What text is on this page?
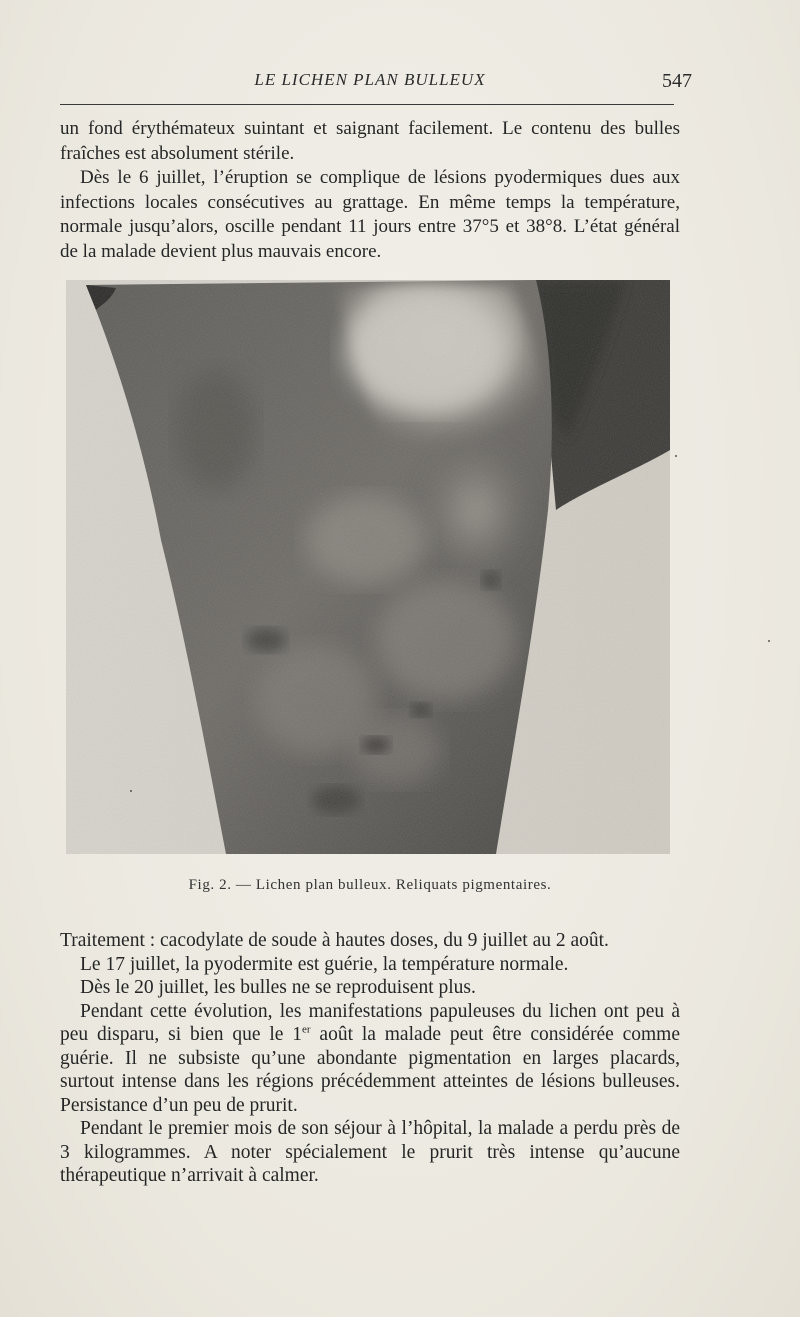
LE LICHEN PLAN BULLEUX	547

un fond érythémateux suintant et saignant facilement. Le contenu des bulles fraîches est absolument stérile.

Dès le 6 juillet, l’éruption se complique de lésions pyodermiques dues aux infections locales consécutives au grattage. En même temps la température, normale jusqu’alors, oscille pendant 11 jours entre 37°5 et 38°8. L’état général de la malade devient plus mauvais encore.

Fig. 2. — Lichen plan bulleux. Reliquats pigmentaires.

Traitement : cacodylate de soude à hautes doses, du 9 juillet au 2 août.

Le 17 juillet, la pyodermite est guérie, la température normale.

Dès le 20 juillet, les bulles ne se reproduisent plus.

Pendant cette évolution, les manifestations papuleuses du lichen ont peu à peu disparu, si bien que le 1er août la malade peut être considérée comme guérie. Il ne subsiste qu’une abondante pigmentation en larges placards, surtout intense dans les régions précédemment atteintes de lésions bulleuses. Persistance d’un peu de prurit.

Pendant le premier mois de son séjour à l’hôpital, la malade a perdu près de 3 kilogrammes. A noter spécialement le prurit très intense qu’aucune thérapeutique n’arrivait à calmer.
